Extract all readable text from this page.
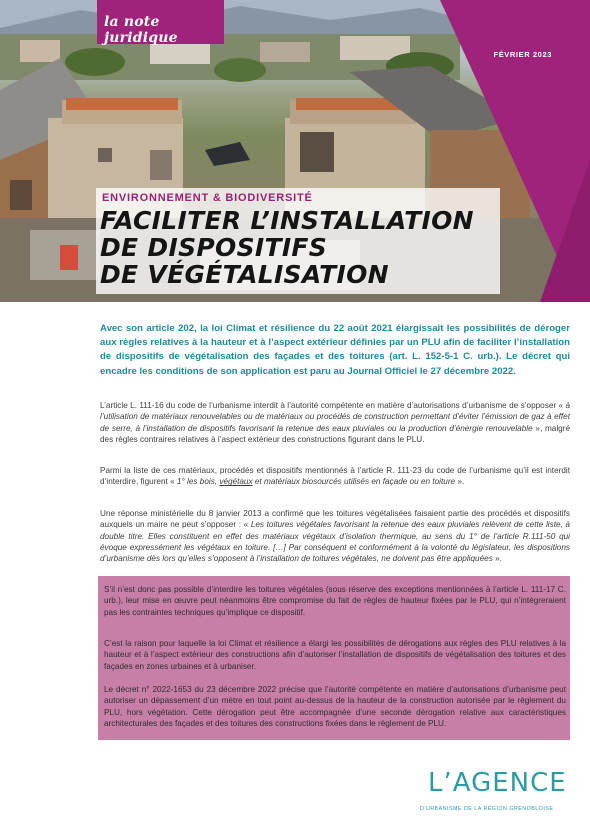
la note juridique
FÉVRIER 2023
ENVIRONNEMENT & BIODIVERSITÉ
FACILITER L’INSTALLATION
DE DISPOSITIFS
DE VÉGÉTALISATION

Avec son article 202, la loi Climat et résilience du 22 août 2021 élargissait les possibilités de déroger aux règles relatives à la hauteur et à l’aspect extérieur définies par un PLU afin de faciliter l’installation de dispositifs de végétalisation des façades et des toitures (art. L. 152-5-1 C. urb.). Le décret qui encadre les conditions de son application est paru au Journal Officiel le 27 décembre 2022.

L’article L. 111-16 du code de l’urbanisme interdit à l’autorité compétente en matière d’autorisations d’urbanisme de s’opposer « à l’utilisation de matériaux renouvelables ou de matériaux ou procédés de construction permettant d’éviter l’émission de gaz à effet de serre, à l’installation de dispositifs favorisant la retenue des eaux pluviales ou la production d’énergie renouvelable », malgré des règles contraires relatives à l’aspect extérieur des constructions figurant dans le PLU.

Parmi la liste de ces matériaux, procédés et dispositifs mentionnés à l’article R. 111-23 du code de l’urbanisme qu’il est interdit d’interdire, figurent « 1° les bois, végétaux et matériaux biosourcés utilisés en façade ou en toiture ».

Une réponse ministérielle du 8 janvier 2013 a confirmé que les toitures végétalisées faisaient partie des procédés et dispositifs auxquels un maire ne peut s’opposer : « Les toitures végétales favorisant la retenue des eaux pluviales relèvent de cette liste, à double titre. Elles constituent en effet des matériaux végétaux d’isolation thermique, au sens du 1° de l’article R.111-50 qui évoque expressément les végétaux en toiture. […] Par conséquent et conformément à la volonté du législateur, les dispositions d’urbanisme dès lors qu’elles s’opposent à l’installation de toitures végétales, ne doivent pas être appliquées ».

S’il n’est donc pas possible d’interdire les toitures végétales (sous réserve des exceptions mentionnées à l’article L. 111-17 C. urb.), leur mise en œuvre peut néanmoins être compromise du fait de règles de hauteur fixées par le PLU, qui n’intégreraient pas les contraintes techniques qu’implique ce dispositif.

C’est la raison pour laquelle la loi Climat et résilience a élargi les possibilités de dérogations aux règles des PLU relatives à la hauteur et à l’aspect extérieur des constructions afin d’autoriser l’installation de dispositifs de végétalisation des toitures et des façades en zones urbaines et à urbaniser.

Le décret n° 2022-1653 du 23 décembre 2022 précise que l’autorité compétente en matière d’autorisations d’urbanisme peut autoriser un dépassement d’un mètre en tout point au-dessus de la hauteur de la construction autorisée par le règlement du PLU, hors végétation. Cette dérogation peut être accompagnée d’une seconde dérogation relative aux caractéristiques architecturales des façades et des toitures des constructions fixées dans le règlement de PLU.

L’AGENCE
D’URBANISME DE LA RÉGION GRENOBLOISE
